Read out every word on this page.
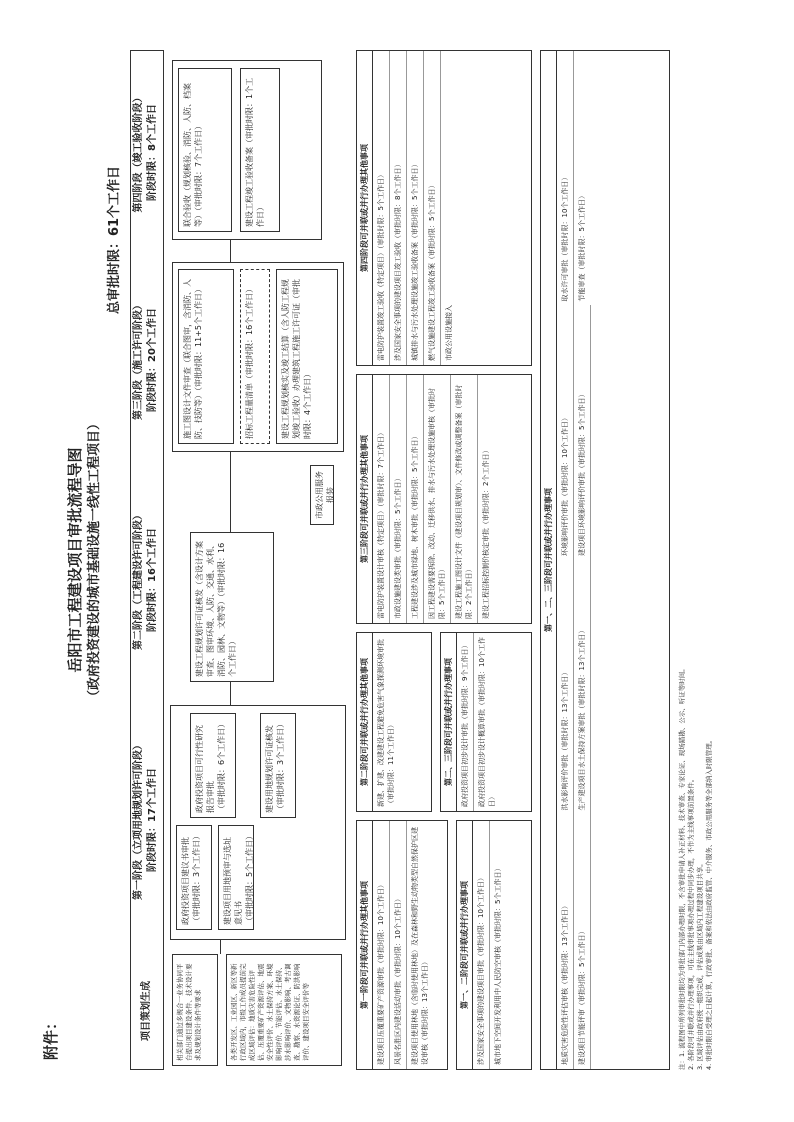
附件：
岳阳市工程建设项目审批流程导图 （政府投资建设的城市基础设施一线性工程项目）
总审批时限：61个工作日
项目策划生成
第一阶段（立项用地规划许可阶段） 阶段时限：17个工作日
第二阶段（工程建设许可阶段） 阶段时限：16个工作日
第三阶段（施工许可阶段） 阶段时限：20个工作日
第四阶段（竣工验收阶段） 阶段时限：8个工作日
相关部门通过多规合一业务协同平台提出项目建设条件、技术设计要求及规划设计条件等要求	各类开发区、工业园区、新区等新行政区域内，市级工作成员提前完成区域评估：地质灾害危险性评估、压覆重要矿产资源评估、地震安全性评价、水土保持方案、环境影响评价、节能评估、水土保持、涉水影响评价、文物影响、考古调查、勘察、水资源论证、防洪影响评价、建设项目安全评价等
政府投资项目建议书审批
（审批时限：3个工作日）	建设项目用地预审与选址意见书
（审批时限：5个工作日）
政府投资项目可行性研究报告审批
（审批时限：6个工作日）	建设用地规划许可证核发
（审批时限：3个工作日）
建设工程规划许可证核发（含设计方案审查、图审环境、人防、交通、水利、消防、园林、文物等）（审批时限：16个工作日）
市政公用服务报装
施工图设计文件审查（联合图审，含消防、人防、技防等）（审批时限：11+5个工作日）	招标工程量清单（审批时限：16个工作日）	建设工程规划核实及竣工结算（含人防工程规划竣工验收）办理建筑工程施工许可证（审批时限：4个工作日）
联合验收（规划核验、消防、人防、档案等）（审批时限：7个工作日）	建设工程竣工验收备案（审批时限：1个工作日）
第一阶段可并联或并行办理其他事项	建设项目压覆重要矿产资源审批（审批时限：10个工作日）	风景名胜区内建设活动审批（审批时限：10个工作日）	建设项目使用林地（含临时使用林地）及在森林和野生动物类型自然保护区建设审核（审批时限：13个工作日）
第一、二阶段可并联或并行办理事项	涉及国家安全事项的建设项目审批（审批时限：10个工作日）	城市地下空间开发利用中人民防空审核（审批时限：5个工作日）
第二阶段可并联或并行办理其他事项	新建、扩建、改建建设工程避免危害气象探测环境审批（审批时限：11个工作日）	第二、三阶段可并联或并行办理事项	政府投资项目初步设计审批（审批时限：9个工作日）	政府投资项目初步设计概算审批（审批时限：10个工作日）
第三阶段可并联或并行办理其他事项	雷电防护装置设计审核（特定项目）（审批时限：7个工作日）	市政设施建设类审批（审批时限：5个工作日）	工程建设涉及城市绿地、树木审批（审批时限：5个工作日）	因工程建设需要拆除、改动、迁移供水、排水与污水处理设施审核（审批时限：5个工作日）	建设工程施工图设计文件（建设项目规划审）、文件修改或调整备案（审批时限：2个工作日）	建设工程招标控制价核定审批（审批时限：2个工作日）
第四阶段可并联或并行办理其他事项	雷电防护装置竣工验收（特定项目）（审批时限：5个工作日）	涉及国家安全事项的建设项目竣工验收（审批时限：8个工作日）	城镇排水与污水处理设施竣工验收备案（审批时限：5个工作日）	燃气设施建设工程竣工验收备案（审批时限：5个工作日）	市政公用设施接入
第一、二、三阶段可并联或并行办理事项
地质灾害危险性评估审核（审批时限：13个工作日）
洪水影响评价审批（审批时限：13个工作日）
环境影响评价审批（审批时限：10个工作日）
取水许可审批（审批时限：10个工作日）
建设项目节能评审（审批时限：5个工作日）
生产建设项目水土保持方案审批（审批时限：13个工作日）
建设项目环境影响评价审批（审批时限：5个工作日）
节能审查（审批时限：5个工作日）
注：1. 流程图中所列审批时限均为审批部门内部办理时限，不含审批申请人补正材料、技术审查、专家论证、现场踏勘、公示、听证等时间。
2. 各阶段可并联或并行办理事项，可在主线审批事项办理过程中同步办理，不作为主线事项前置条件。
3. 区域评估由政府统一组织完成，评估成果由区域内工程建设项目共享。
4. 审批时限自受理之日起计算，行政审批、备案和依法由政府监管、中介服务、市政公用服务等全部纳入时限管理。
